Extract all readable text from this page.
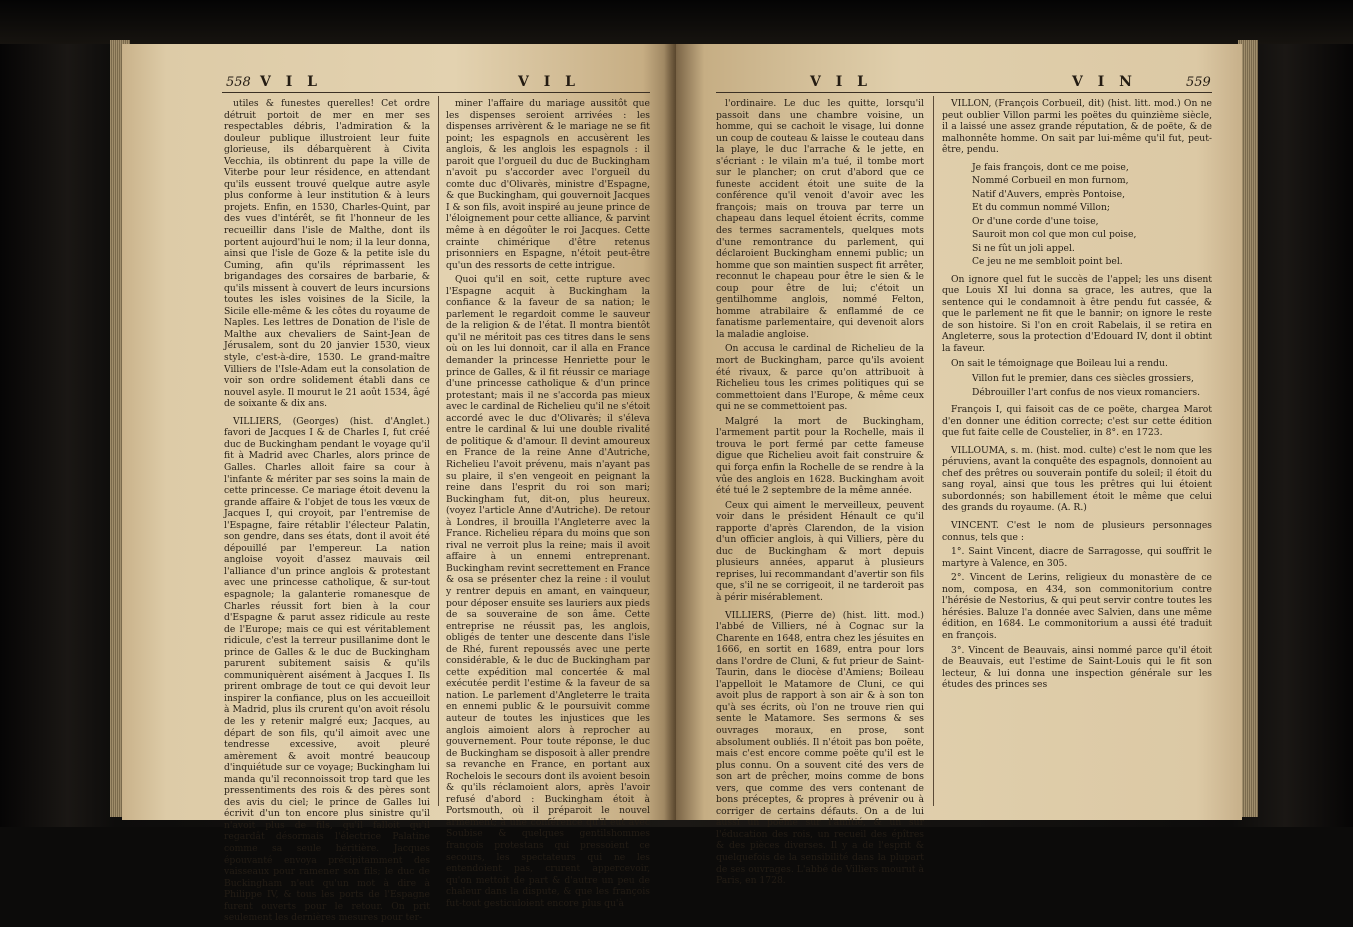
558 V I L	V I L

utiles & funestes querelles! Cet ordre détruit portoit de mer en mer ses respectables débris, l'admiration & la douleur publique illustroient leur fuite glorieuse, ils débarquèrent à Civita Vecchia, ils obtinrent du pape la ville de Viterbe pour leur résidence, en attendant qu'ils eussent trouvé quelque autre asyle plus conforme à leur institution & à leurs projets. Enfin, en 1530, Charles-Quint, par des vues d'intérêt, se fit l'honneur de les recueillir dans l'isle de Malthe, dont ils portent aujourd'hui le nom; il la leur donna, ainsi que l'isle de Goze & la petite isle du Cuming, afin qu'ils réprimassent les brigandages des corsaires de barbarie, & qu'ils missent à couvert de leurs incursions toutes les isles voisines de la Sicile, la Sicile elle-même & les côtes du royaume de Naples. Les lettres de Donation de l'isle de Malthe aux chevaliers de Saint-Jean de Jérusalem, sont du 20 janvier 1530, vieux style, c'est-à-dire, 1530. Le grand-maître Villiers de l'Isle-Adam eut la consolation de voir son ordre solidement établi dans ce nouvel asyle. Il mourut le 21 août 1534, âgé de soixante & dix ans.

VILLIERS, (Georges) (hist. d'Anglet.) favori de Jacques I & de Charles I, fut créé duc de Buckingham pendant le voyage qu'il fit à Madrid avec Charles, alors prince de Galles. Charles alloit faire sa cour à l'infante & mériter par ses soins la main de cette princesse. Ce mariage étoit devenu la grande affaire & l'objet de tous les vœux de Jacques I, qui croyoit, par l'entremise de l'Espagne, faire rétablir l'électeur Palatin, son gendre, dans ses états, dont il avoit été dépouillé par l'empereur. La nation angloise voyoit d'assez mauvais œil l'alliance d'un prince anglois & protestant avec une princesse catholique, & sur-tout espagnole; la galanterie romanesque de Charles réussit fort bien à la cour d'Espagne & parut assez ridicule au reste de l'Europe; mais ce qui est véritablement ridicule, c'est la terreur pusillanime dont le prince de Galles & le duc de Buckingham parurent subitement saisis & qu'ils communiquèrent aisément à Jacques I. Ils prirent ombrage de tout ce qui devoit leur inspirer la confiance, plus on les accueilloit à Madrid, plus ils crurent qu'on avoit résolu de les y retenir malgré eux; Jacques, au départ de son fils, qu'il aimoit avec une tendresse excessive, avoit pleuré amèrement & avoit montré beaucoup d'inquiétude sur ce voyage; Buckingham lui manda qu'il reconnoissoit trop tard que les pressentiments des rois & des pères sont des avis du ciel; le prince de Galles lui écrivit d'un ton encore plus sinistre qu'il n'avoit plus de fils, qu'il falloit qu'il regardât désormais l'électrice Palatine comme sa seule héritière. Jacques épouvanté envoya précipitamment des vaisseaux pour ramener son fils; le duc de Buckingham n'eut qu'un mot à dire à Philippe IV, & tous les ports de l'Espagne furent ouverts pour le retour. On prit seulement les dernières mesures pour ter-

miner l'affaire du mariage aussitôt que les dispenses seroient arrivées : les dispenses arrivèrent & le mariage ne se fit point; les espagnols en accusèrent les anglois, & les anglois les espagnols : il paroit que l'orgueil du duc de Buckingham n'avoit pu s'accorder avec l'orgueil du comte duc d'Olivarès, ministre d'Espagne, & que Buckingham, qui gouvernoit Jacques I & son fils, avoit inspiré au jeune prince de l'éloignement pour cette alliance, & parvint même à en dégoûter le roi Jacques. Cette crainte chimérique d'être retenus prisonniers en Espagne, n'étoit peut-être qu'un des ressorts de cette intrigue.

Quoi qu'il en soit, cette rupture avec l'Espagne acquit à Buckingham la confiance & la faveur de sa nation; le parlement le regardoit comme le sauveur de la religion & de l'état. Il montra bientôt qu'il ne méritoit pas ces titres dans le sens où on les lui donnoit, car il alla en France demander la princesse Henriette pour le prince de Galles, & il fit réussir ce mariage d'une princesse catholique & d'un prince protestant; mais il ne s'accorda pas mieux avec le cardinal de Richelieu qu'il ne s'étoit accordé avec le duc d'Olivarès; il s'éleva entre le cardinal & lui une double rivalité de politique & d'amour. Il devint amoureux en France de la reine Anne d'Autriche, Richelieu l'avoit prévenu, mais n'ayant pas su plaire, il s'en vengeoit en peignant la reine dans l'esprit du roi son mari; Buckingham fut, dit-on, plus heureux. (voyez l'article Anne d'Autriche). De retour à Londres, il brouilla l'Angleterre avec la France. Richelieu répara du moins que son rival ne verroit plus la reine; mais il avoit affaire à un ennemi entreprenant. Buckingham revint secrettement en France & osa se présenter chez la reine : il voulut y rentrer depuis en amant, en vainqueur, pour déposer ensuite ses lauriers aux pieds de sa souveraine de son âme. Cette entreprise ne réussit pas, les anglois, obligés de tenter une descente dans l'isle de Rhé, furent repoussés avec une perte considérable, & le duc de Buckingham par cette expédition mal concertée & mal exécutée perdit l'estime & la faveur de sa nation. Le parlement d'Angleterre le traita en ennemi public & le poursuivit comme auteur de toutes les injustices que les anglois aimoient alors à reprocher au gouvernement. Pour toute réponse, le duc de Buckingham se disposoit à aller prendre sa revanche en France, en portant aux Rochelois le secours dont ils avoient besoin & qu'ils réclamoient alors, après l'avoir refusé d'abord : Buckingham étoit à Portsmouth, où il préparoit le nouvel armement; à une conférence qu'il eut avec Soubise & quelques gentilshommes françois protestans qui pressoient ce secours, les spectateurs qui ne les entendoient pas, crurent appercevoir, qu'on mettoit de part & d'autre un peu de chaleur dans la dispute, & que les françois fut-tout gesticuloient encore plus qu'à

V I L	V I N	559

l'ordinaire. Le duc les quitte, lorsqu'il passoit dans une chambre voisine, un homme, qui se cachoit le visage, lui donne un coup de couteau & laisse le couteau dans la playe, le duc l'arrache & le jette, en s'écriant : le vilain m'a tué, il tombe mort sur le plancher; on crut d'abord que ce funeste accident étoit une suite de la conférence qu'il venoit d'avoir avec les françois; mais on trouva par terre un chapeau dans lequel étoient écrits, comme des termes sacramentels, quelques mots d'une remontrance du parlement, qui déclaroient Buckingham ennemi public; un homme que son maintien suspect fit arrêter, reconnut le chapeau pour être le sien & le coup pour être de lui; c'étoit un gentilhomme anglois, nommé Felton, homme atrabilaire & enflammé de ce fanatisme parlementaire, qui devenoit alors la maladie angloise.

On accusa le cardinal de Richelieu de la mort de Buckingham, parce qu'ils avoient été rivaux, & parce qu'on attribuoit à Richelieu tous les crimes politiques qui se commettoient dans l'Europe, & même ceux qui ne se commettoient pas.

Malgré la mort de Buckingham, l'armement partit pour la Rochelle, mais il trouva le port fermé par cette fameuse digue que Richelieu avoit fait construire & qui força enfin la Rochelle de se rendre à la vûe des anglois en 1628. Buckingham avoit été tué le 2 septembre de la même année.

Ceux qui aiment le merveilleux, peuvent voir dans le président Hénault ce qu'il rapporte d'après Clarendon, de la vision d'un officier anglois, à qui Villiers, père du duc de Buckingham & mort depuis plusieurs années, apparut à plusieurs reprises, lui recommandant d'avertir son fils que, s'il ne se corrigeoit, il ne tarderoit pas à périr misérablement.

VILLIERS, (Pierre de) (hist. litt. mod.) l'abbé de Villiers, né à Cognac sur la Charente en 1648, entra chez les jésuites en 1666, en sortit en 1689, entra pour lors dans l'ordre de Cluni, & fut prieur de Saint-Taurin, dans le diocèse d'Amiens; Boileau l'appelloit le Matamore de Cluni, ce qui avoit plus de rapport à son air & à son ton qu'à ses écrits, où l'on ne trouve rien qui sente le Matamore. Ses sermons & ses ouvrages moraux, en prose, sont absolument oubliés. Il n'étoit pas bon poëte, mais c'est encore comme poëte qu'il est le plus connu. On a souvent cité des vers de son art de prêcher, moins comme de bons vers, que comme des vers contenant de bons préceptes, & propres à prévenir ou à corriger de certains défauts. On a de lui aussi un poëme sur l'amitié, & un sur l'éducation des rois, un recueil des épîtres & des pièces diverses. Il y a de l'esprit & quelquefois de la sensibilité dans la plupart de ses ouvrages. L'abbé de Villiers mourut à Paris, en 1728.

VILLON, (François Corbueil, dit) (hist. litt. mod.) On ne peut oublier Villon parmi les poëtes du quinzième siècle, il a laissé une assez grande réputation, & de poëte, & de malhonnête homme. On sait par lui-même qu'il fut, peut-être, pendu.

Je fais françois, dont ce me poise,

Nommé Corbueil en mon furnom,

Natif d'Auvers, emprès Pontoise,

Et du commun nommé Villon;

Or d'une corde d'une toise,

Sauroit mon col que mon cul poise,

Si ne fût un joli appel.

Ce jeu ne me sembloit point bel.

On ignore quel fut le succès de l'appel; les uns disent que Louis XI lui donna sa grace, les autres, que la sentence qui le condamnoit à être pendu fut cassée, & que le parlement ne fit que le bannir; on ignore le reste de son histoire. Si l'on en croit Rabelais, il se retira en Angleterre, sous la protection d'Edouard IV, dont il obtint la faveur.

On sait le témoignage que Boileau lui a rendu.

Villon fut le premier, dans ces siècles grossiers,

Débrouiller l'art confus de nos vieux romanciers.

François I, qui faisoit cas de ce poëte, chargea Marot d'en donner une édition correcte; c'est sur cette édition que fut faite celle de Coustelier, in 8°. en 1723.

VILLOUMA, s. m. (hist. mod. culte) c'est le nom que les péruviens, avant la conquête des espagnols, donnoient au chef des prêtres ou souverain pontife du soleil; il étoit du sang royal, ainsi que tous les prêtres qui lui étoient subordonnés; son habillement étoit le même que celui des grands du royaume. (A. R.)

VINCENT. C'est le nom de plusieurs personnages connus, tels que :

1°. Saint Vincent, diacre de Sarragosse, qui souffrit le martyre à Valence, en 305.

2°. Vincent de Lerins, religieux du monastère de ce nom, composa, en 434, son commonitorium contre l'hérésie de Nestorius, & qui peut servir contre toutes les hérésies. Baluze l'a donnée avec Salvien, dans une même édition, en 1684. Le commonitorium a aussi été traduit en françois.

3°. Vincent de Beauvais, ainsi nommé parce qu'il étoit de Beauvais, eut l'estime de Saint-Louis qui le fit son lecteur, & lui donna une inspection générale sur les études des princes ses
